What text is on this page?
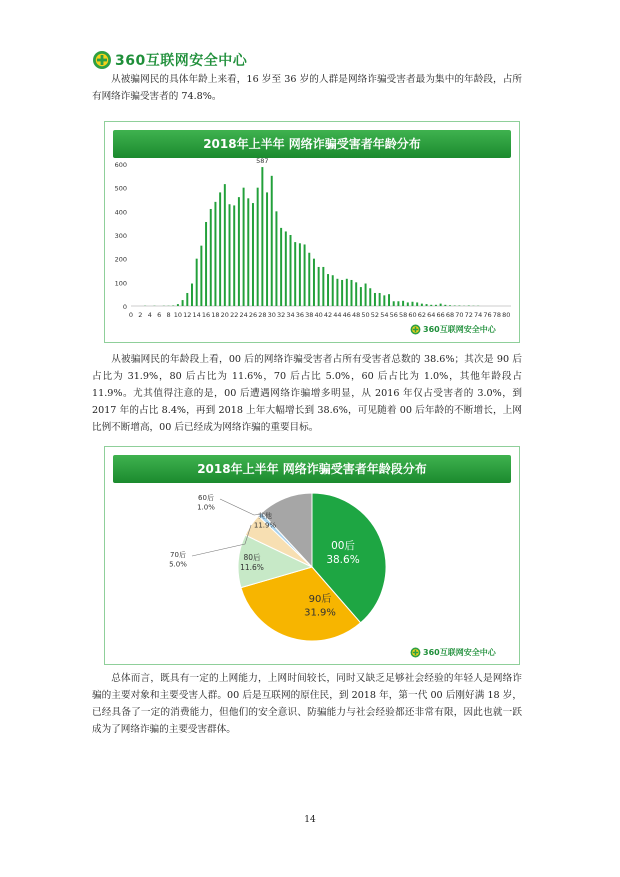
360互联网安全中心

从被骗网民的具体年龄上来看，16 岁至 36 岁的人群是网络诈骗受害者最为集中的年龄段，占所有网络诈骗受害者的 74.8%。

2018年上半年 网络诈骗受害者年龄分布
0
100
200
300
400
500
600
0 2 4 6 8 10 12 14 16 18 20 22 24 26 28 30 32 34 36 38 40 42 44 46 48 50 52 54 56 58 60 62 64 66 68 70 72 74 76 78 80
587
360互联网安全中心

从被骗网民的年龄段上看，00 后的网络诈骗受害者占所有受害者总数的 38.6%；其次是 90 后占比为 31.9%，80 后占比为 11.6%，70 后占比 5.0%，60 后占比为 1.0%，其他年龄段占 11.9%。尤其值得注意的是，00 后遭遇网络诈骗增多明显，从 2016 年仅占受害者的 3.0%，到 2017 年的占比 8.4%，再到 2018 上年大幅增长到 38.6%，可见随着 00 后年龄的不断增长，上网比例不断增高，00 后已经成为网络诈骗的重要目标。

2018年上半年 网络诈骗受害者年龄段分布
00后
38.6%
90后
31.9%
80后
11.6%
70后
5.0%
60后
1.0%
其他
11.9%
360互联网安全中心

总体而言，既具有一定的上网能力，上网时间较长，同时又缺乏足够社会经验的年轻人是网络诈骗的主要对象和主要受害人群。00 后是互联网的原住民，到 2018 年，第一代 00 后刚好满 18 岁，已经具备了一定的消费能力，但他们的安全意识、防骗能力与社会经验都还非常有限，因此也就一跃成为了网络诈骗的主要受害群体。

14
